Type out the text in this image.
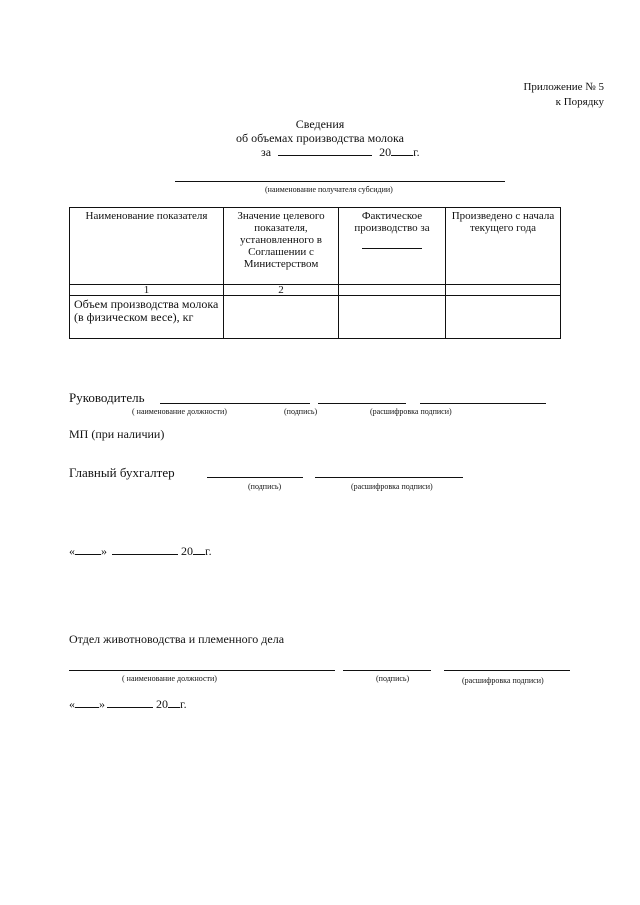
Приложение № 5
к Порядку
Сведения
об объемах производства молока
за	20 г.
(наименование получателя субсидии)
Наименование показателя	Значение целевого показателя, установленного в Соглашении с Министерством	Фактическое производство за	Произведено с начала текущего года
1	2		
Объем производства молока (в физическом весе), кг			
Руководитель
( наименование должности)	(подпись)	(расшифровка подписи)
МП (при наличии)
Главный бухгалтер
(подпись)	(расшифровка подписи)
« »	20 г.
Отдел животноводства и племенного дела
( наименование должности)	(подпись)	(расшифровка подписи)
« »	20 г.
